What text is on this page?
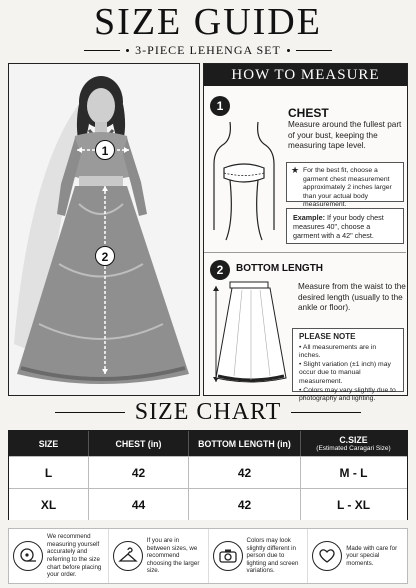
SIZE GUIDE
3-PIECE LEHENGA SET
1
2
HOW TO MEASURE
1	CHEST
Measure around the fullest part of your bust, keeping the measuring tape level.
★ For the best fit, choose a garment chest measurement approximately 2 inches larger than your actual body measurement.
Example: If your body chest measures 40", choose a garment with a 42" chest.
2	BOTTOM LENGTH
Measure from the waist to the desired length (usually to the ankle or floor).
PLEASE NOTE
• All measurements are in inches.
• Slight variation (±1 inch) may occur due to manual measurement.
• Colors may vary slightly due to photography and lighting.
SIZE CHART
SIZE	CHEST (in)	BOTTOM LENGTH (in)	C.SIZE
(Estimated Caragari Size)
L	42	42	M - L
XL	44	42	L - XL
We recommend measuring yourself accurately and referring to the size chart before placing your order.
If you are in between sizes, we recommend choosing the larger size.
Colors may look slightly different in person due to lighting and screen variations.
Made with care for your special moments.
